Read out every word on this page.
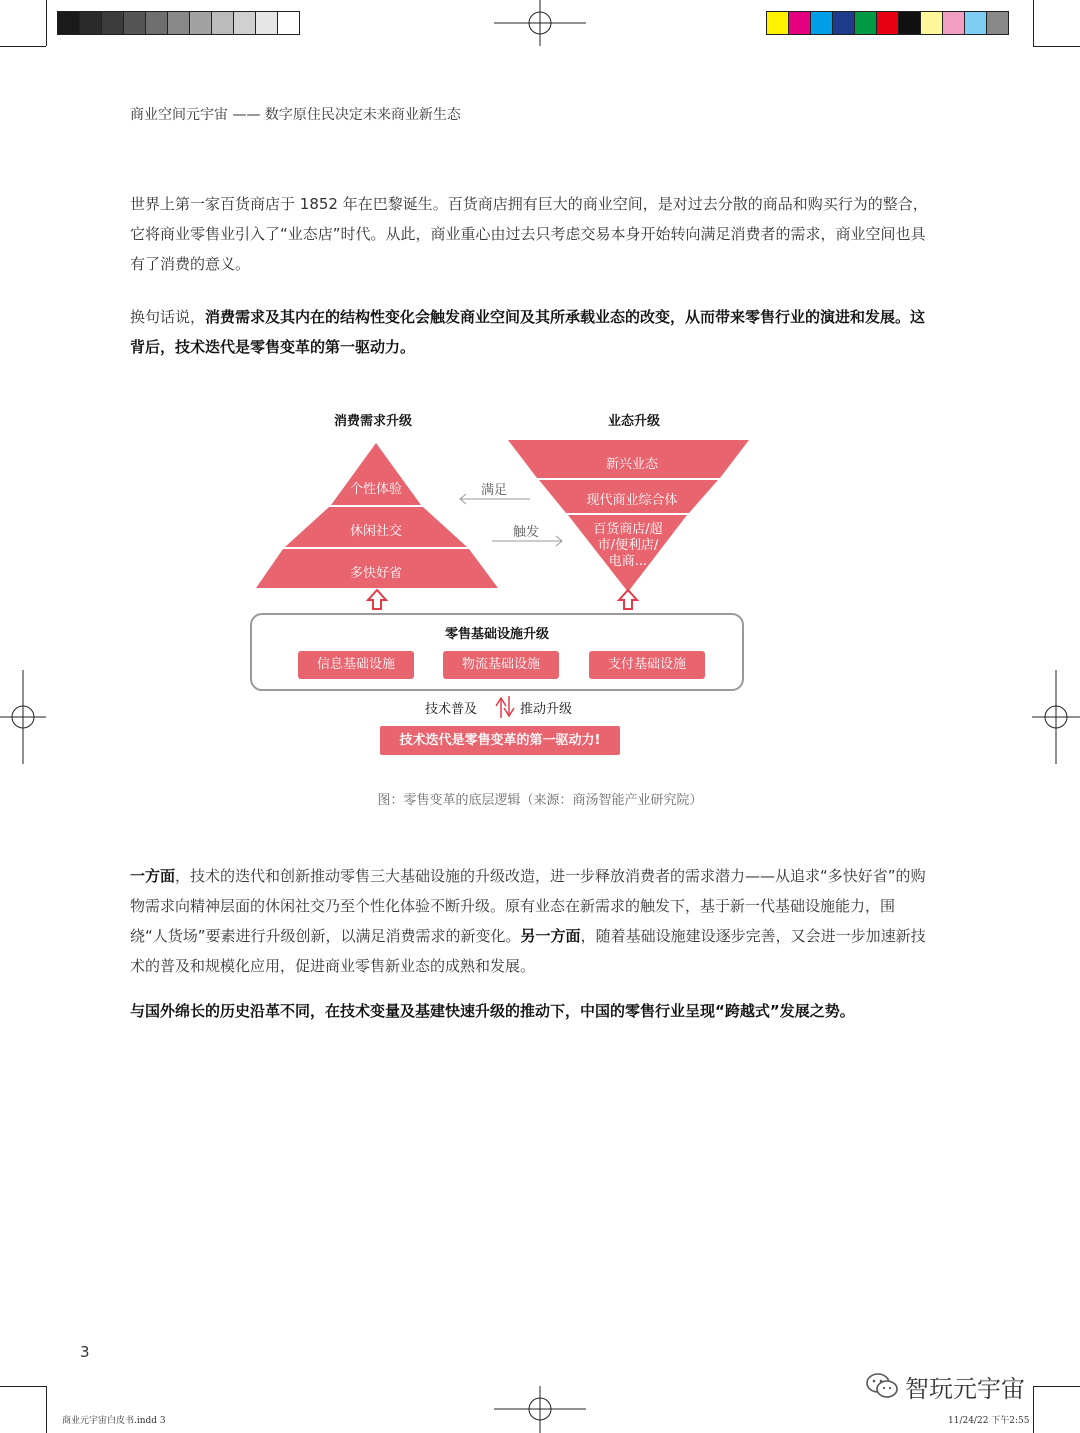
商业空间元宇宙 —— 数字原住民决定未来商业新生态
世界上第一家百货商店于 1852 年在巴黎诞生。百货商店拥有巨大的商业空间，是对过去分散的商品和购买行为的整合，它将商业零售业引入了“业态店”时代。从此，商业重心由过去只考虑交易本身开始转向满足消费者的需求，商业空间也具有了消费的意义。
换句话说，消费需求及其内在的结构性变化会触发商业空间及其所承载业态的改变，从而带来零售行业的演进和发展。这背后，技术迭代是零售变革的第一驱动力。
消费需求升级	业态升级
个性体验
休闲社交
多快好省
新兴业态
现代商业综合体
百货商店/超
市/便利店/
电商...
满足
触发
零售基础设施升级
信息基础设施	物流基础设施	支付基础设施
技术普及	推动升级
技术迭代是零售变革的第一驱动力!
图：零售变革的底层逻辑（来源：商汤智能产业研究院）
一方面，技术的迭代和创新推动零售三大基础设施的升级改造，进一步释放消费者的需求潜力——从追求“多快好省”的购物需求向精神层面的休闲社交乃至个性化体验不断升级。原有业态在新需求的触发下，基于新一代基础设施能力，围绕“人货场”要素进行升级创新，以满足消费需求的新变化。另一方面，随着基础设施建设逐步完善，又会进一步加速新技术的普及和规模化应用，促进商业零售新业态的成熟和发展。
与国外绵长的历史沿革不同，在技术变量及基建快速升级的推动下，中国的零售行业呈现“跨越式”发展之势。
3
商业元宇宙白皮书.indd 3	11/24/22 下午2:55
智玩元宇宙
